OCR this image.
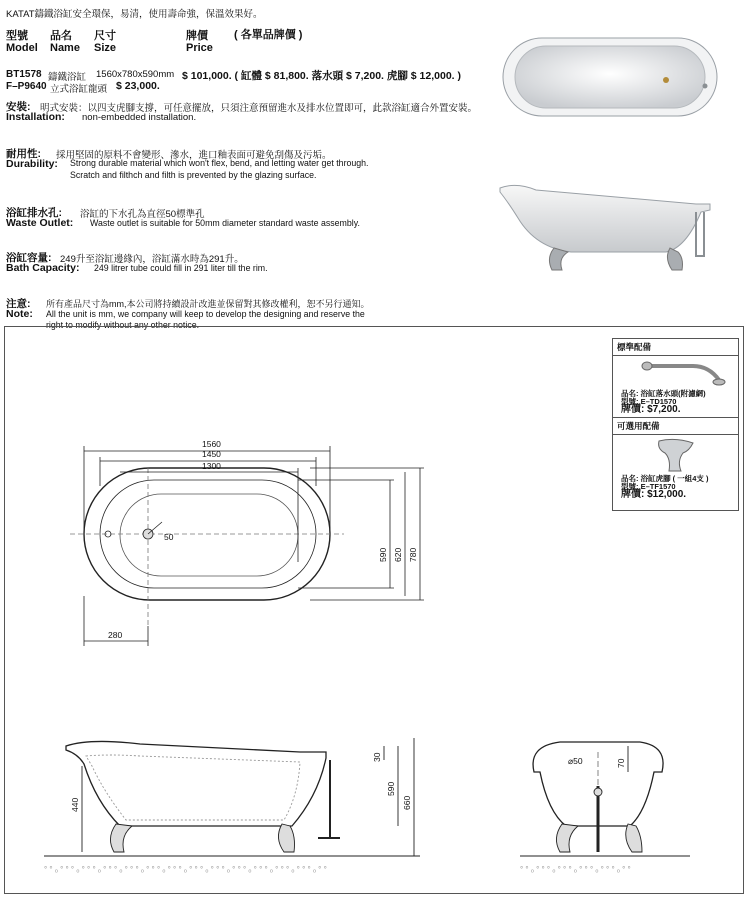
KATAT鑄鐵浴缸安全環保，易清，使用壽命強，保溫效果好。
型號 品名 尺寸	牌價 ( 各單品牌價 )
Model Name Size	Price
BT1578 鑄鐵浴缸 1560x780x590mm $ 101,000. ( 缸體 $ 81,800. 落水頭 $ 7,200. 虎腳 $ 12,000. )
F–P9640 立式浴缸龍頭 $ 23,000.
安裝: 明式安裝：以四支虎腳支撐，可任意擺放，只須注意預留進水及排水位置即可，此款浴缸適合外置安裝。
Installation: non-embedded installation.
耐用性: 採用堅固的原料不會變形、滲水，進口釉表面可避免刮傷及污垢。
Durability: Strong durable material which won't flex, bend, and letting water get through.
Scratch and filthch and filth is prevented by the glazing surface.
浴缸排水孔: 浴缸的下水孔為直徑50標準孔
Waste Outlet: Waste outlet is suitable for 50mm diameter standard waste assembly.
浴缸容量: 249升至浴缸邊緣內，浴缸滿水時為291升。
Bath Capacity: 249 litrer tube could fill in 291 liter till the rim.
注意: 所有產品尺寸為mm,本公司將持續設計改進並保留對其修改權利，恕不另行通知。
Note: All the unit is mm, we company will keep to develop the designing and reserve the
right to modify without any other notice.
標準配備
品名: 浴缸落水頭(附濾網)
型號: E–TD1570
牌價: $7,200.
可選用配備
品名: 浴缸虎腳 ( 一組4支 )
型號: E–TF1570
牌價: $12,000.
° ° ₒ ° ° ° ₒ ° ° ° ₒ ° ° ° ₒ ° ° ° ₒ ° ° ° ₒ ° ° ° ₒ ° ° ° ₒ ° ° ° ₒ ° ° ° ₒ ° ° ° ₒ ° ° ° ₒ ° ° ° ₒ ° °	° ° ₒ ° ° ° ₒ ° ° ° ₒ ° ° ° ₒ ° ° ° ₒ ° °
1560
1450
1300
50
280
590 620 780
440
30
590
660
⌀50	70
